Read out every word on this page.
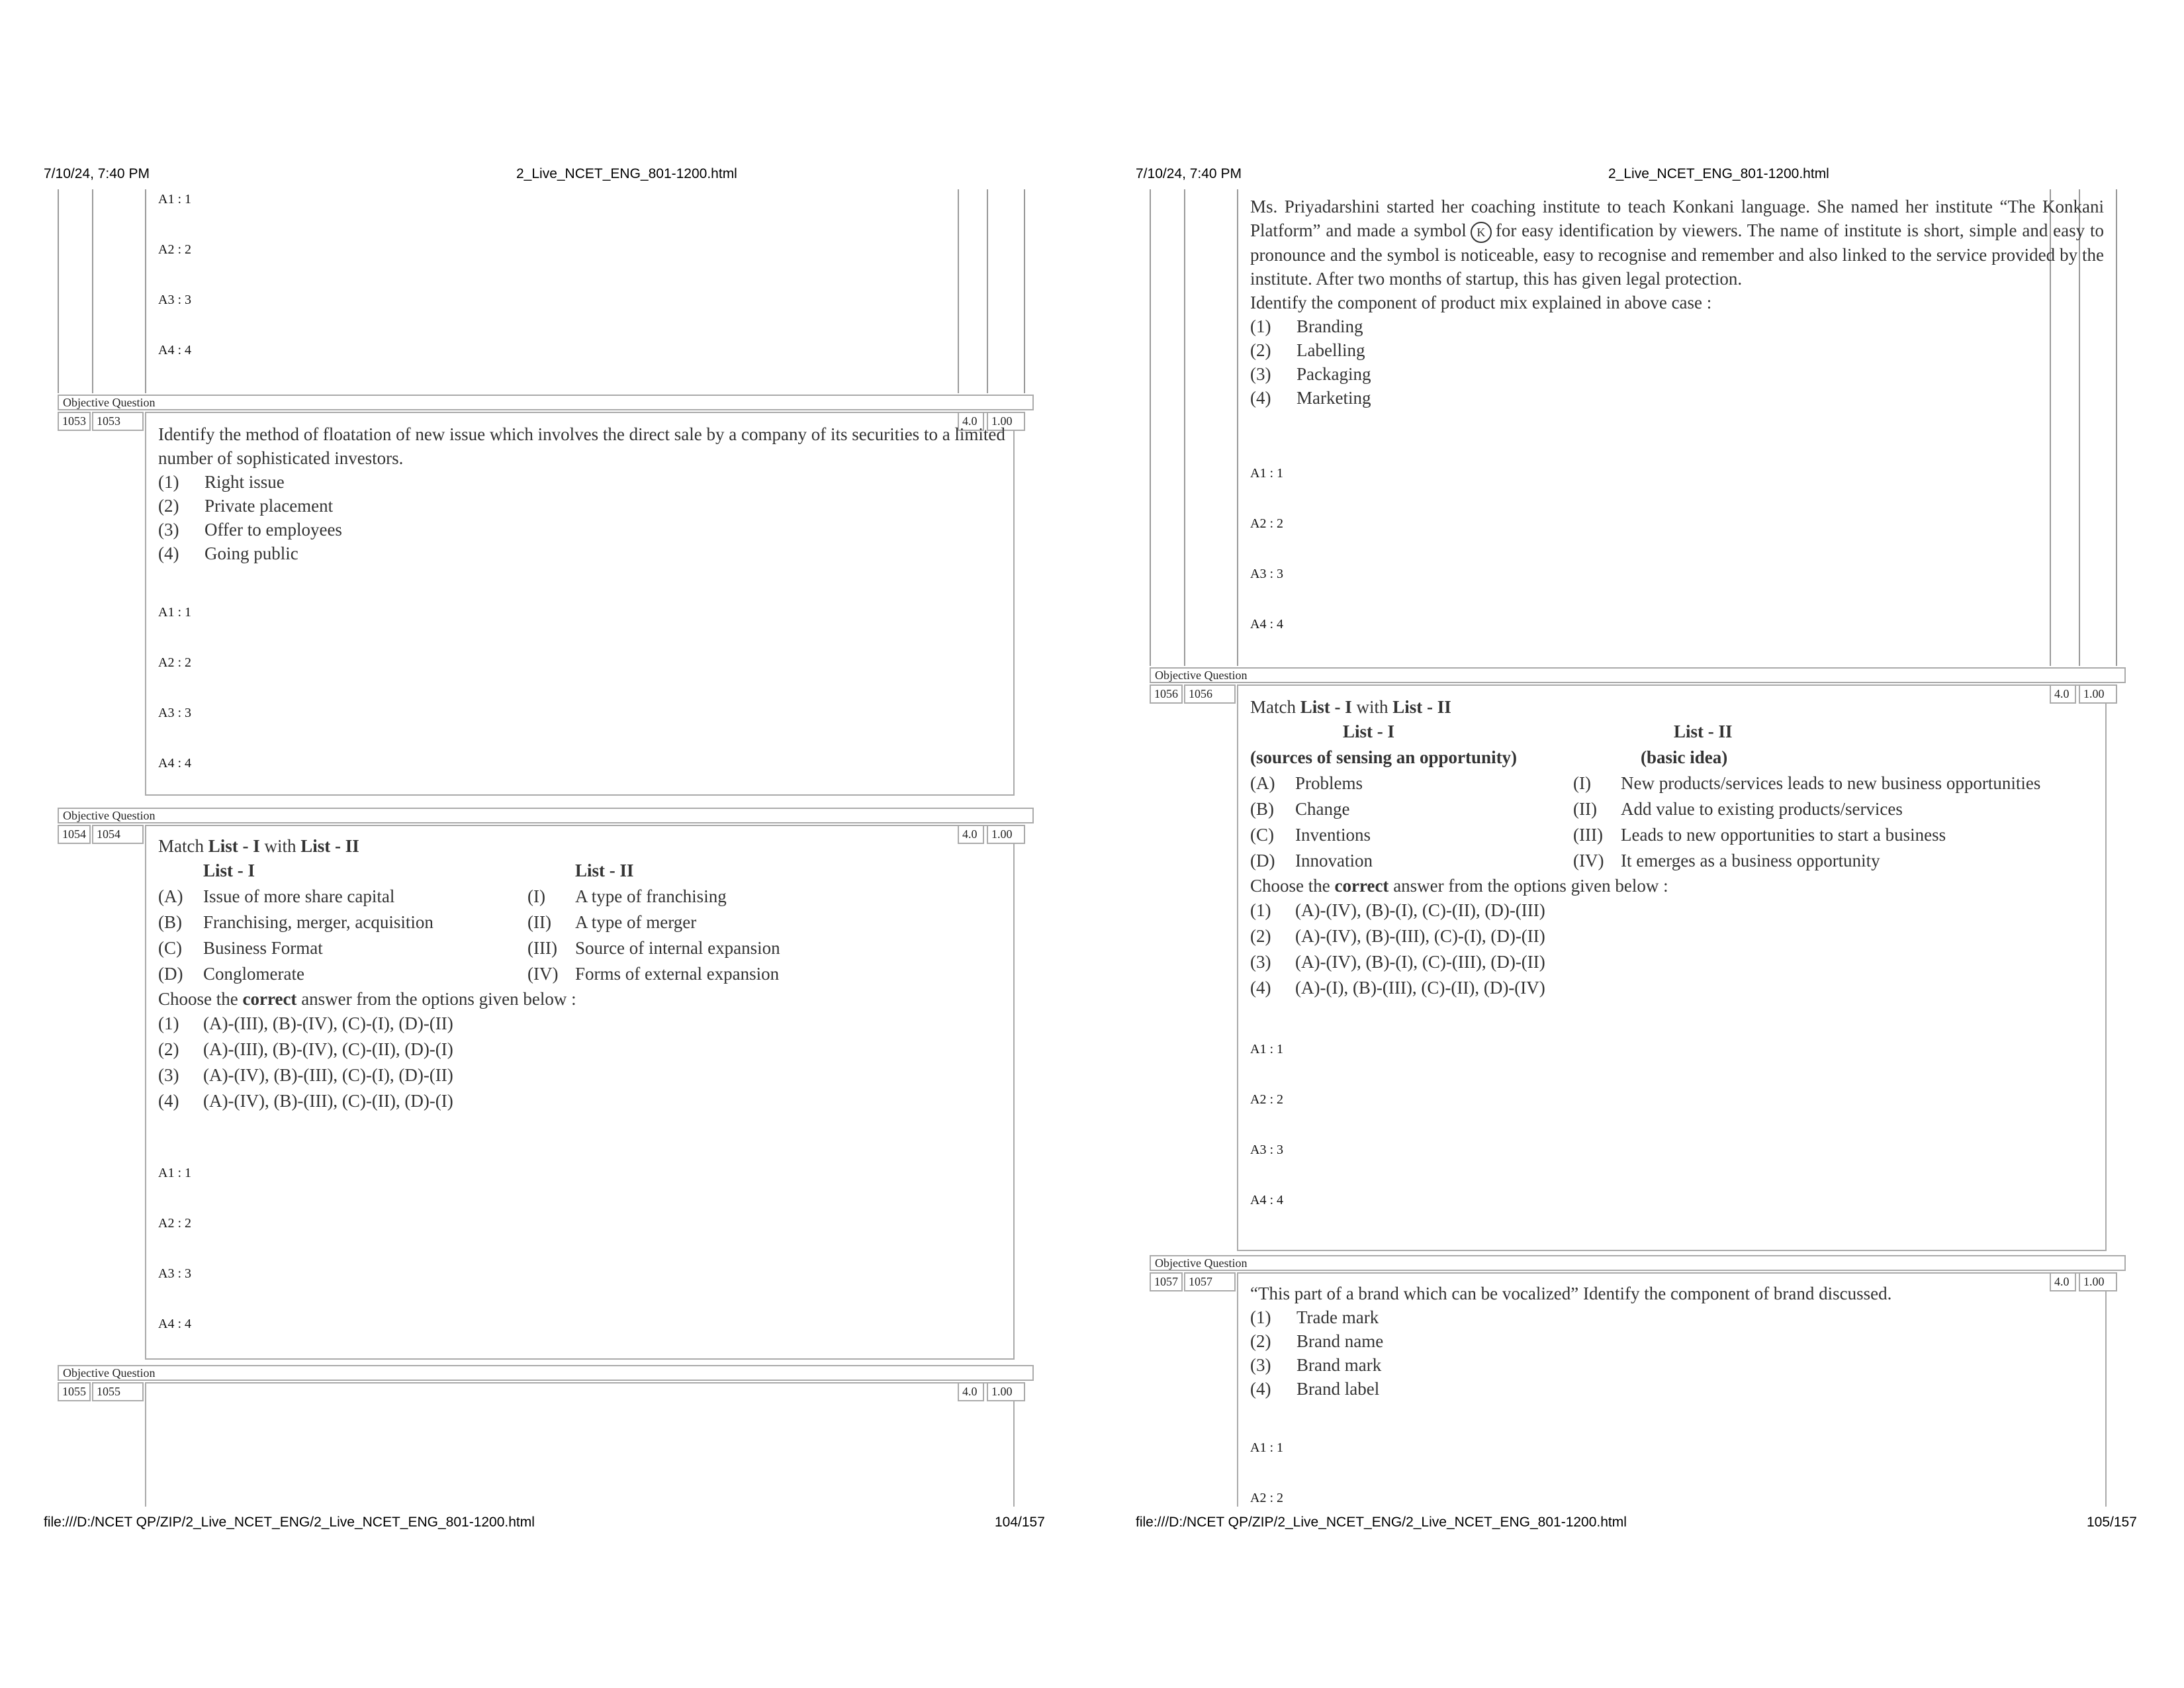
7/10/24, 7:40 PM	2_Live_NCET_ENG_801-1200.html
A1 : 1
A2 : 2
A3 : 3
A4 : 4
Objective Question
1053 1053	4.0	1.00
Identify the method of floatation of new issue which involves the direct sale by a company of its securities to a limited number of sophisticated investors.
(1)	Right issue
(2)	Private placement
(3)	Offer to employees
(4)	Going public
A1 : 1
A2 : 2
A3 : 3
A4 : 4
Objective Question
1054 1054	4.0	1.00
Match List - I with List - II
List - I	List - II
(A)	Issue of more share capital	(I)	A type of franchising
(B)	Franchising, merger, acquisition	(II)	A type of merger
(C)	Business Format	(III)	Source of internal expansion
(D)	Conglomerate	(IV) Forms of external expansion
Choose the correct answer from the options given below :
(1)	(A)-(III), (B)-(IV), (C)-(I), (D)-(II)
(2)	(A)-(III), (B)-(IV), (C)-(II), (D)-(I)
(3)	(A)-(IV), (B)-(III), (C)-(I), (D)-(II)
(4)	(A)-(IV), (B)-(III), (C)-(II), (D)-(I)
A1 : 1
A2 : 2
A3 : 3
A4 : 4
Objective Question
1055 1055	4.0	1.00
file:///D:/NCET QP/ZIP/2_Live_NCET_ENG/2_Live_NCET_ENG_801-1200.html	104/157
7/10/24, 7:40 PM	2_Live_NCET_ENG_801-1200.html
Ms. Priyadarshini started her coaching institute to teach Konkani language. She named her institute “The Konkani Platform” and made a symbol K for easy identification by viewers. The name of institute is short, simple and easy to pronounce and the symbol is noticeable, easy to recognise and remember and also linked to the service provided by the institute. After two months of startup, this has given legal protection.
Identify the component of product mix explained in above case :
(1)	Branding
(2)	Labelling
(3)	Packaging
(4)	Marketing
A1 : 1
A2 : 2
A3 : 3
A4 : 4
Objective Question
1056 1056	4.0	1.00
Match List - I with List - II
List - I	List - II
(sources of sensing an opportunity)	(basic idea)
(A)	Problems	(I)	New products/services leads to new business opportunities
(B)	Change	(II)	Add value to existing products/services
(C)	Inventions	(III)	Leads to new opportunities to start a business
(D)	Innovation	(IV) It emerges as a business opportunity
Choose the correct answer from the options given below :
(1)	(A)-(IV), (B)-(I), (C)-(II), (D)-(III)
(2)	(A)-(IV), (B)-(III), (C)-(I), (D)-(II)
(3)	(A)-(IV), (B)-(I), (C)-(III), (D)-(II)
(4)	(A)-(I), (B)-(III), (C)-(II), (D)-(IV)
A1 : 1
A2 : 2
A3 : 3
A4 : 4
Objective Question
1057 1057	4.0	1.00
“This part of a brand which can be vocalized” Identify the component of brand discussed.
(1)	Trade mark
(2)	Brand name
(3)	Brand mark
(4)	Brand label
A1 : 1
A2 : 2
file:///D:/NCET QP/ZIP/2_Live_NCET_ENG/2_Live_NCET_ENG_801-1200.html	105/157
